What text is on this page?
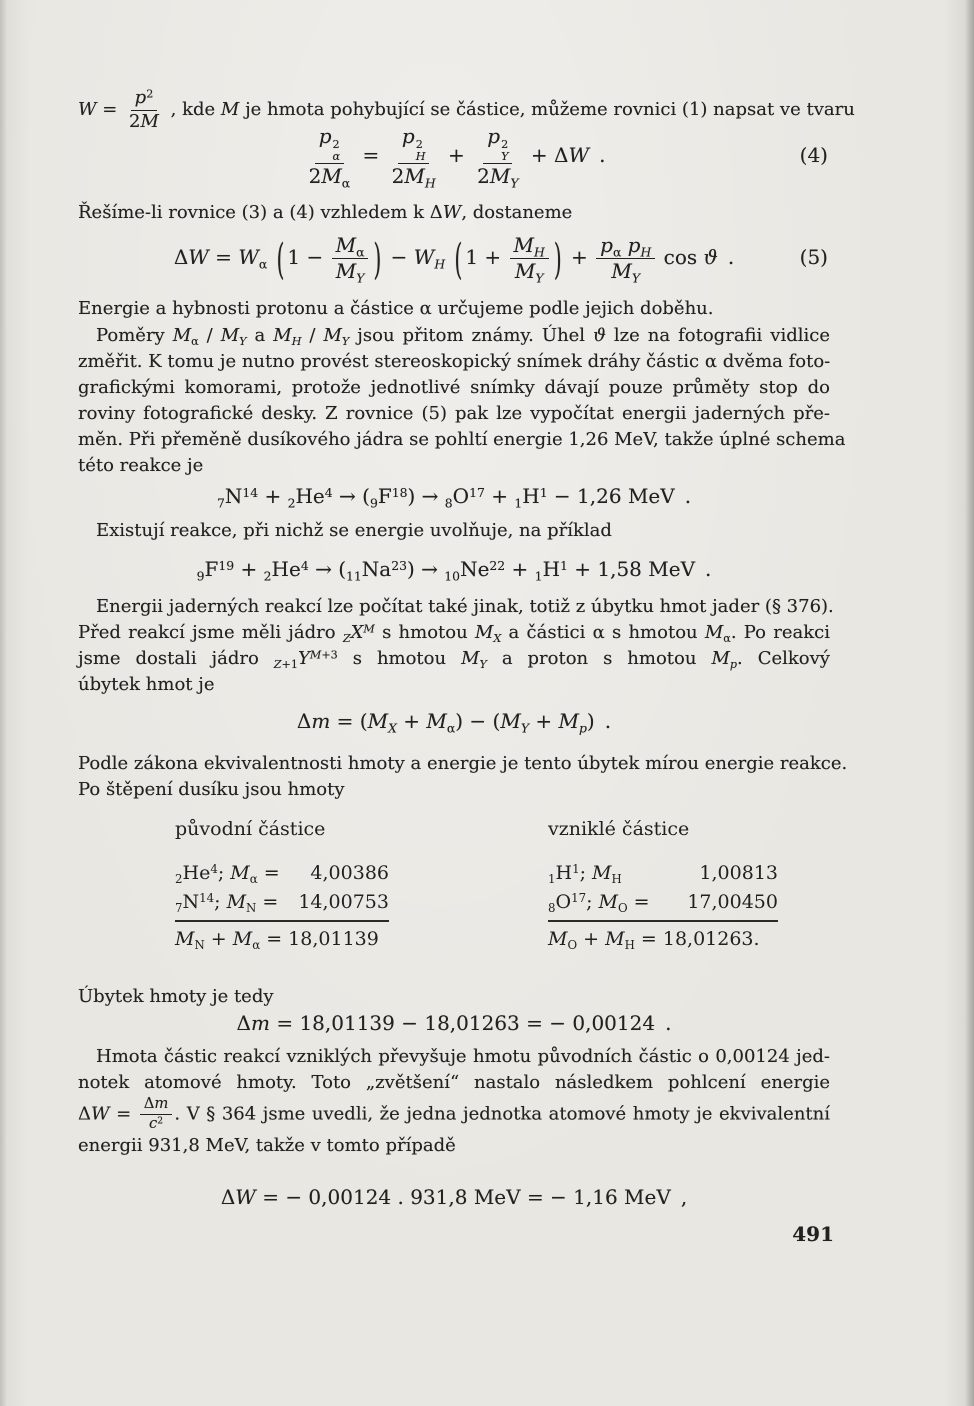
$W = \frac{p^2}{2M}$ , kde M je hmota pohybující se částice, můžeme rovnici (1) napsat ve tvaru
p 2
α
$2M_\alpha = p$ 2
H
$2M_H + p$ 2
Y
$2M_Y + \Delta W$ .	(4)
Řešíme-li rovnice (3) a (4) vzhledem k ΔW, dostaneme
$\Delta W = W_\alpha$ ( $1 - \frac{M_\alpha}{M_Y}$ ) − $W_H$ ( $1 + \frac{M_H}{M_Y}$ ) + $\frac{p_\alpha p_H}{M_Y}$ cos ϑ .	(5)
Energie a hybnosti protonu a částice α určujeme podle jejich doběhu.
 Poměry $M_\alpha / M_Y$ a $M_H / M_Y$ jsou přitom známy. Úhel ϑ lze na fotografii vidlice
změřit. K tomu je nutno provést stereoskopický snímek dráhy částic α dvěma foto-
grafickými komorami, protože jednotlivé snímky dávají pouze průměty stop do
roviny fotografické desky. Z rovnice (5) pak lze vypočítat energii jaderných pře-
měn. Při přeměně dusíkového jádra se pohltí energie 1,26 MeV, takže úplné schema
této reakce je
$_7N^{14} + _2He^4 \to (_9F^{18}) \to _8O^{17} + _1H^1 - 1,26$ MeV .
 Existují reakce, při nichž se energie uvolňuje, na příklad
$_9F^{19} + _2He^4 \to (_{11}Na^{23}) \to _{10}Ne^{22} + _1H^1 + 1,58$ MeV .
 Energii jaderných reakcí lze počítat také jinak, totiž z úbytku hmot jader (§ 376).
Před reakcí jsme měli jádro $_ZX^M$ s hmotou $M_X$ a částici α s hmotou $M_\alpha$. Po reakci
jsme dostali jádro $_{Z+1}Y^{M+3}$ s hmotou $M_Y$ a proton s hmotou $M_p$. Celkový
úbytek hmot je
$\Delta m = (M_X + M_\alpha) - (M_Y + M_p)$ .
Podle zákona ekvivalentnosti hmoty a energie je tento úbytek mírou energie reakce.
Po štěpení dusíku jsou hmoty
původní částice
$_2He^4$; $M_\alpha = 4,00386$
$_7N^{14}$; $M_N = 14,00753$
$M_N + M_\alpha = 18,01139$
vzniklé částice
$_1H^1$; $M_H$	1,00813
$_8O^{17}$; $M_O = 17,00450$
$M_O + M_H = 18,01263$.
Úbytek hmoty je tedy
Δm = 18,01139 − 18,01263 = − 0,00124 .
 Hmota částic reakcí vzniklých převyšuje hmotu původních částic o 0,00124 jed-
notek atomové hmoty. Toto „zvětšení“ nastalo následkem pohlcení energie
$\Delta W = \frac{\Delta m}{c^2}$ . V § 364 jsme uvedli, že jedna jednotka atomové hmoty je ekvivalentní
energii 931,8 MeV, takže v tomto případě
ΔW = − 0,00124 . 931,8 MeV = − 1,16 MeV ,
491
